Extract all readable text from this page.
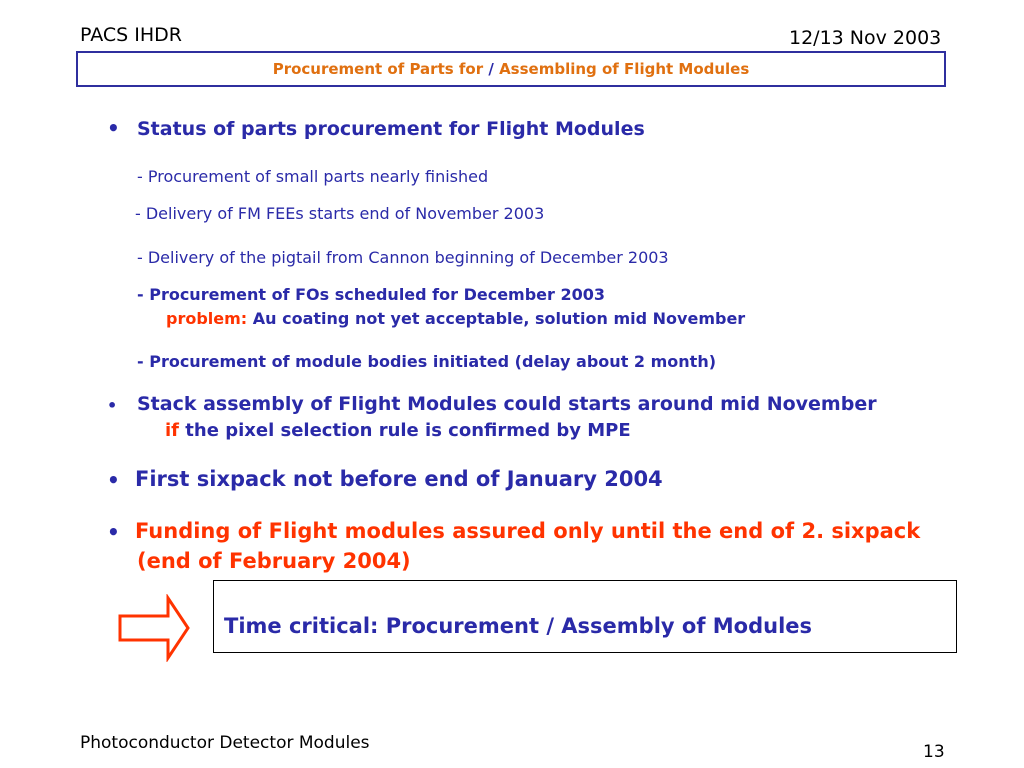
PACS IHDR	12/13 Nov 2003
Procurement of Parts for / Assembling of Flight Modules
• Status of parts procurement for Flight Modules
- Procurement of small parts nearly finished
- Delivery of FM FEEs starts end of November 2003
- Delivery of the pigtail from Cannon beginning of December 2003
- Procurement of FOs scheduled for December 2003
problem: Au coating not yet acceptable, solution mid November
- Procurement of module bodies initiated (delay about 2 month)
• Stack assembly of Flight Modules could starts around mid November
if the pixel selection rule is confirmed by MPE
• First sixpack not before end of January 2004
• Funding of Flight modules assured only until the end of 2. sixpack
(end of February 2004)
Time critical: Procurement / Assembly of Modules
Photoconductor Detector Modules	13
